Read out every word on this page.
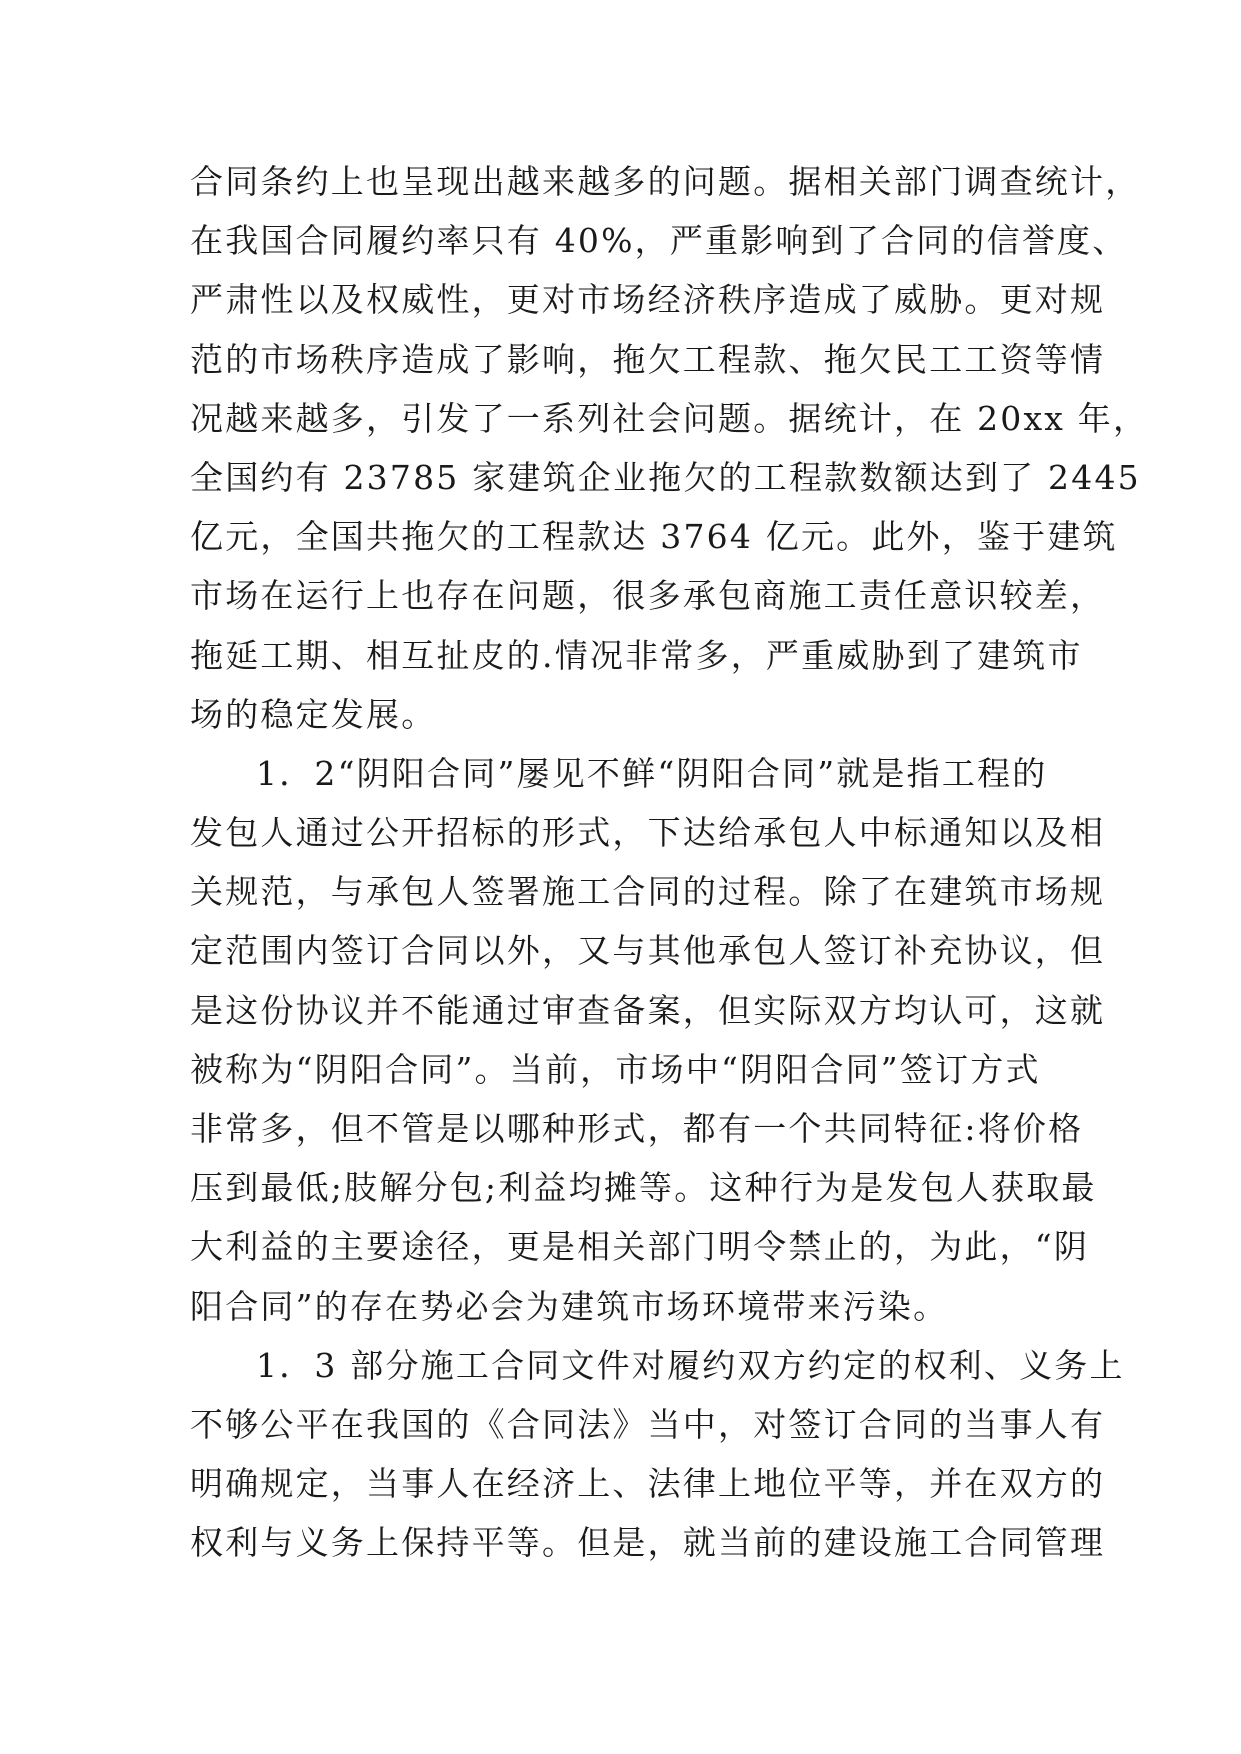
合同条约上也呈现出越来越多的问题。据相关部门调查统计，
在我国合同履约率只有 40%，严重影响到了合同的信誉度、
严肃性以及权威性，更对市场经济秩序造成了威胁。更对规
范的市场秩序造成了影响，拖欠工程款、拖欠民工工资等情
况越来越多，引发了一系列社会问题。据统计，在 20xx 年，
全国约有 23785 家建筑企业拖欠的工程款数额达到了 2445
亿元，全国共拖欠的工程款达 3764 亿元。此外，鉴于建筑
市场在运行上也存在问题，很多承包商施工责任意识较差，
拖延工期、相互扯皮的.情况非常多，严重威胁到了建筑市
场的稳定发展。
1．2“阴阳合同”屡见不鲜“阴阳合同”就是指工程的
发包人通过公开招标的形式，下达给承包人中标通知以及相
关规范，与承包人签署施工合同的过程。除了在建筑市场规
定范围内签订合同以外，又与其他承包人签订补充协议，但
是这份协议并不能通过审查备案，但实际双方均认可，这就
被称为“阴阳合同”。当前，市场中“阴阳合同”签订方式
非常多，但不管是以哪种形式，都有一个共同特征:将价格
压到最低;肢解分包;利益均摊等。这种行为是发包人获取最
大利益的主要途径，更是相关部门明令禁止的，为此，“阴
阳合同”的存在势必会为建筑市场环境带来污染。
1．3 部分施工合同文件对履约双方约定的权利、义务上
不够公平在我国的《合同法》当中，对签订合同的当事人有
明确规定，当事人在经济上、法律上地位平等，并在双方的
权利与义务上保持平等。但是，就当前的建设施工合同管理
